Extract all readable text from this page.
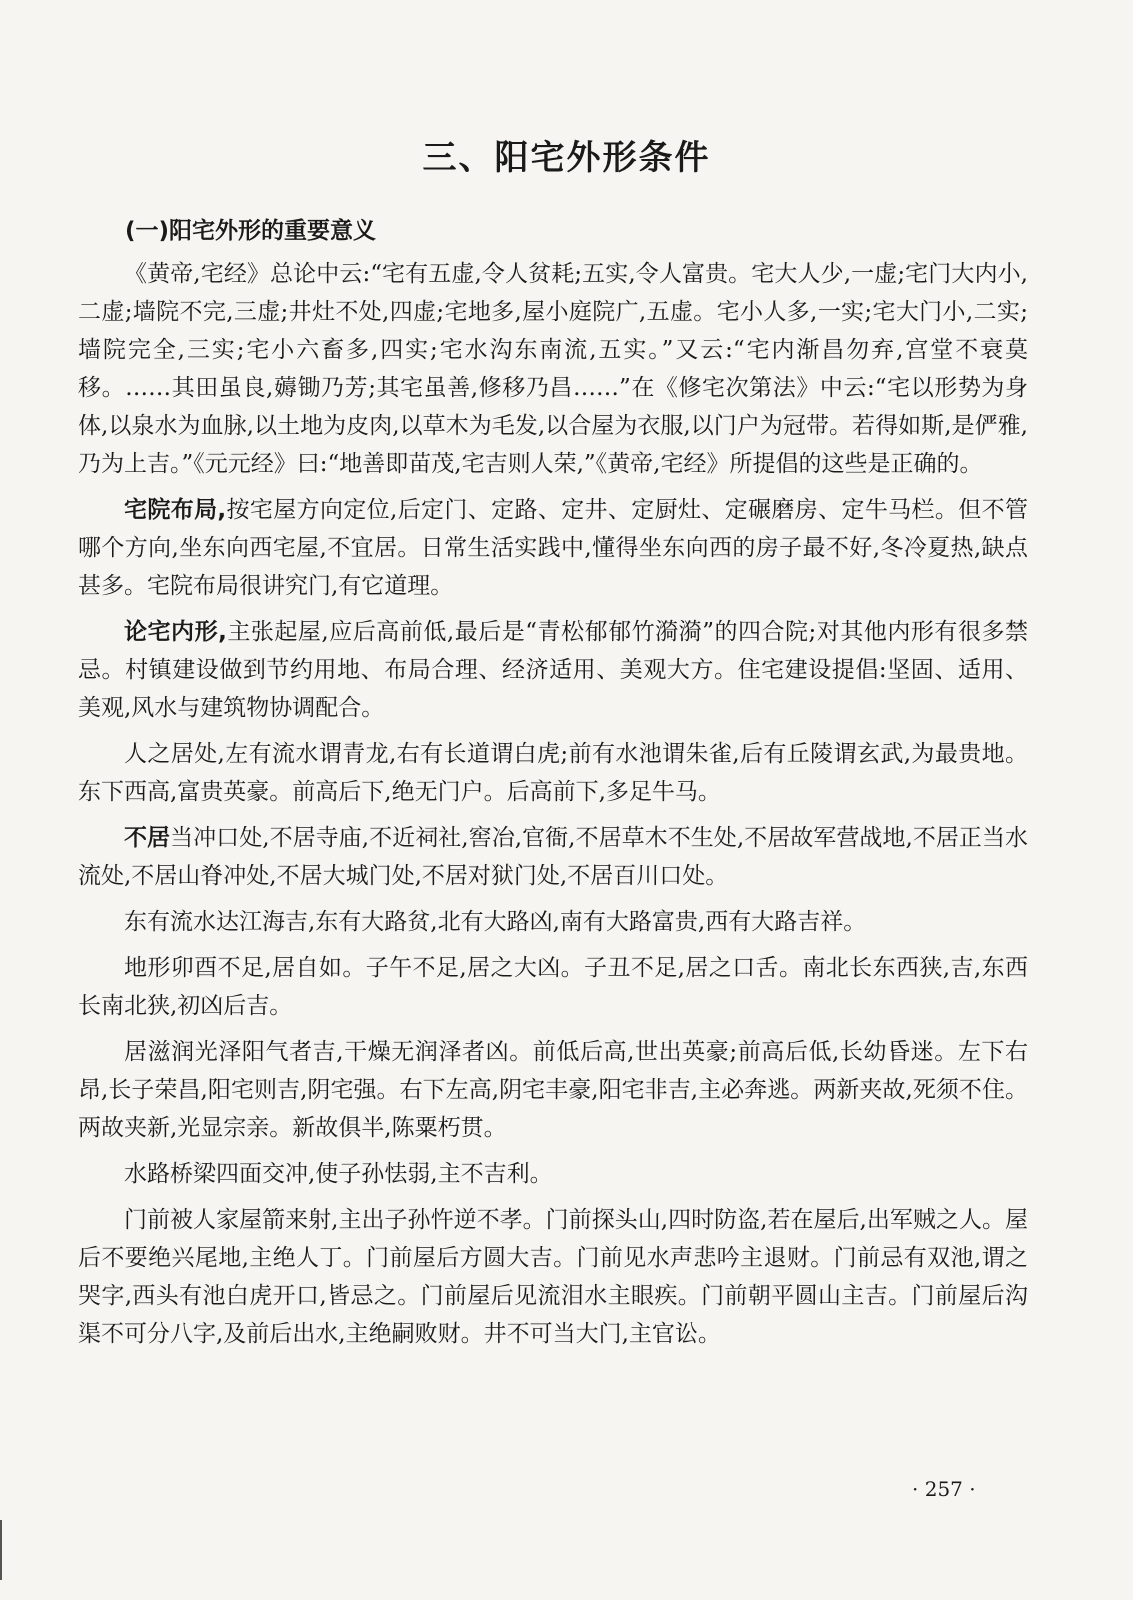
三、阳宅外形条件
(一)阳宅外形的重要意义

《黄帝,宅经》总论中云:“宅有五虚,令人贫耗;五实,令人富贵。宅大人少,一虚;宅门大内小,二虚;墙院不完,三虚;井灶不处,四虚;宅地多,屋小庭院广,五虚。宅小人多,一实;宅大门小,二实;墙院完全,三实;宅小六畜多,四实;宅水沟东南流,五实。”又云:“宅内渐昌勿弃,宫堂不衰莫移。……其田虽良,薅锄乃芳;其宅虽善,修移乃昌……”在《修宅次第法》中云:“宅以形势为身体,以泉水为血脉,以土地为皮肉,以草木为毛发,以合屋为衣服,以门户为冠带。若得如斯,是俨雅,乃为上吉。”《元元经》曰:“地善即苗茂,宅吉则人荣,”《黄帝,宅经》所提倡的这些是正确的。

宅院布局,按宅屋方向定位,后定门、定路、定井、定厨灶、定碾磨房、定牛马栏。但不管哪个方向,坐东向西宅屋,不宜居。日常生活实践中,懂得坐东向西的房子最不好,冬冷夏热,缺点甚多。宅院布局很讲究门,有它道理。

论宅内形,主张起屋,应后高前低,最后是“青松郁郁竹漪漪”的四合院;对其他内形有很多禁忌。村镇建设做到节约用地、布局合理、经济适用、美观大方。住宅建设提倡:坚固、适用、美观,风水与建筑物协调配合。

人之居处,左有流水谓青龙,右有长道谓白虎;前有水池谓朱雀,后有丘陵谓玄武,为最贵地。东下西高,富贵英豪。前高后下,绝无门户。后高前下,多足牛马。

不居当冲口处,不居寺庙,不近祠社,窖冶,官衙,不居草木不生处,不居故军营战地,不居正当水流处,不居山脊冲处,不居大城门处,不居对狱门处,不居百川口处。

东有流水达江海吉,东有大路贫,北有大路凶,南有大路富贵,西有大路吉祥。

地形卯酉不足,居自如。子午不足,居之大凶。子丑不足,居之口舌。南北长东西狭,吉,东西长南北狭,初凶后吉。

居滋润光泽阳气者吉,干燥无润泽者凶。前低后高,世出英豪;前高后低,长幼昏迷。左下右昂,长子荣昌,阳宅则吉,阴宅强。右下左高,阴宅丰豪,阳宅非吉,主必奔逃。两新夹故,死须不住。两故夹新,光显宗亲。新故俱半,陈粟朽贯。

水路桥梁四面交冲,使子孙怯弱,主不吉利。

门前被人家屋箭来射,主出子孙忤逆不孝。门前探头山,四时防盗,若在屋后,出军贼之人。屋后不要绝兴尾地,主绝人丁。门前屋后方圆大吉。门前见水声悲吟主退财。门前忌有双池,谓之哭字,西头有池白虎开口,皆忌之。门前屋后见流泪水主眼疾。门前朝平圆山主吉。门前屋后沟渠不可分八字,及前后出水,主绝嗣败财。井不可当大门,主官讼。

· 257 ·
